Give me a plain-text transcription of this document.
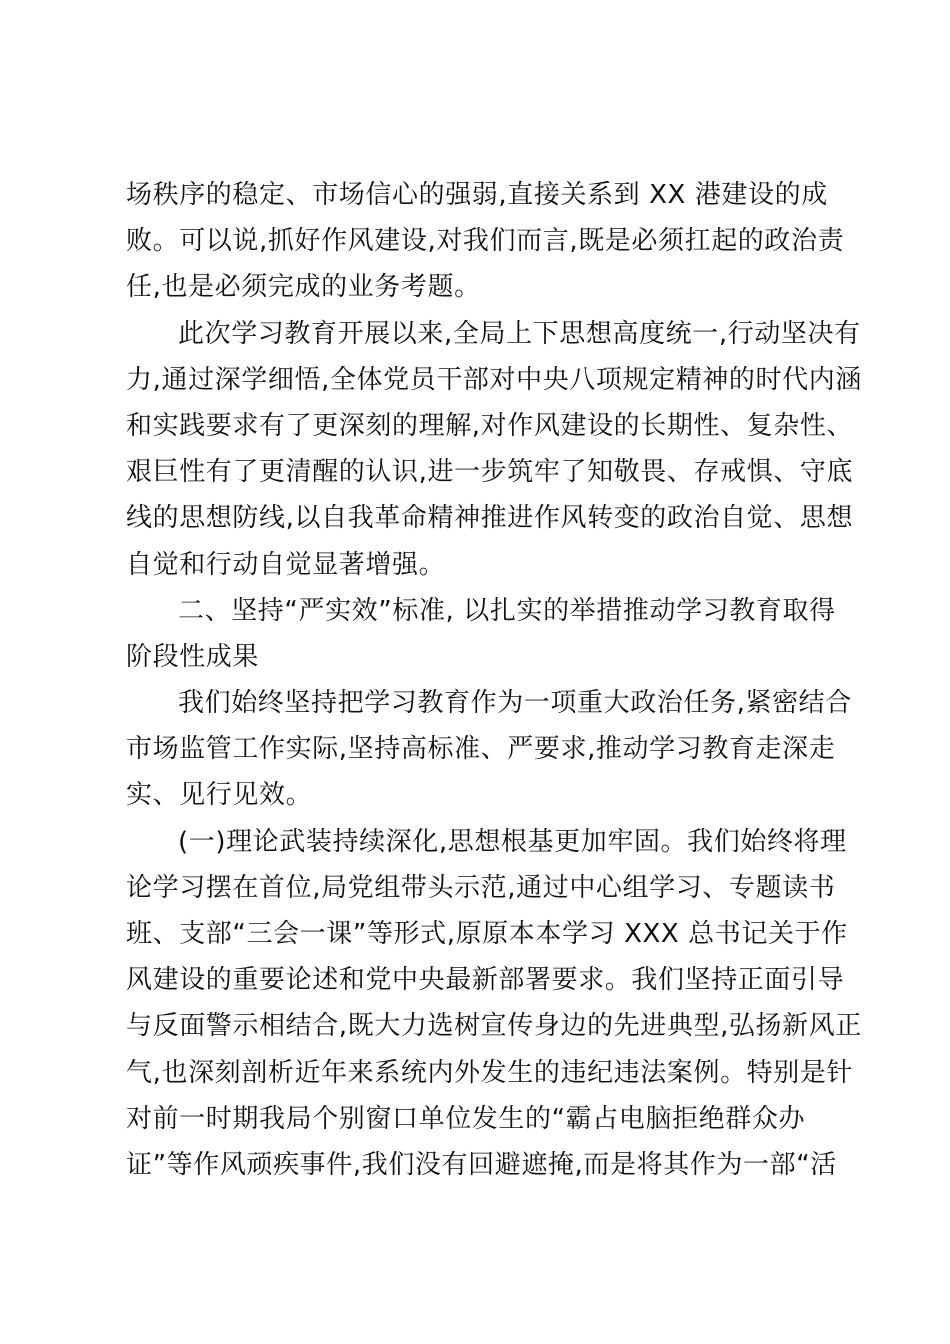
场秩序的稳定、市场信心的强弱,直接关系到 XX 港建设的成
败。可以说,抓好作风建设,对我们而言,既是必须扛起的政治责
任,也是必须完成的业务考题。
此次学习教育开展以来,全局上下思想高度统一,行动坚决有
力,通过深学细悟,全体党员干部对中央八项规定精神的时代内涵
和实践要求有了更深刻的理解,对作风建设的长期性、复杂性、
艰巨性有了更清醒的认识,进一步筑牢了知敬畏、存戒惧、守底
线的思想防线,以自我革命精神推进作风转变的政治自觉、思想
自觉和行动自觉显著增强。
二、坚持“严实效”标准, 以扎实的举措推动学习教育取得
阶段性成果
我们始终坚持把学习教育作为一项重大政治任务,紧密结合
市场监管工作实际,坚持高标准、严要求,推动学习教育走深走
实、见行见效。
(一)理论武装持续深化,思想根基更加牢固。我们始终将理
论学习摆在首位,局党组带头示范,通过中心组学习、专题读书
班、支部“三会一课”等形式,原原本本学习 XXX 总书记关于作
风建设的重要论述和党中央最新部署要求。我们坚持正面引导
与反面警示相结合,既大力选树宣传身边的先进典型,弘扬新风正
气,也深刻剖析近年来系统内外发生的违纪违法案例。特别是针
对前一时期我局个别窗口单位发生的“霸占电脑拒绝群众办
证”等作风顽疾事件,我们没有回避遮掩,而是将其作为一部“活
